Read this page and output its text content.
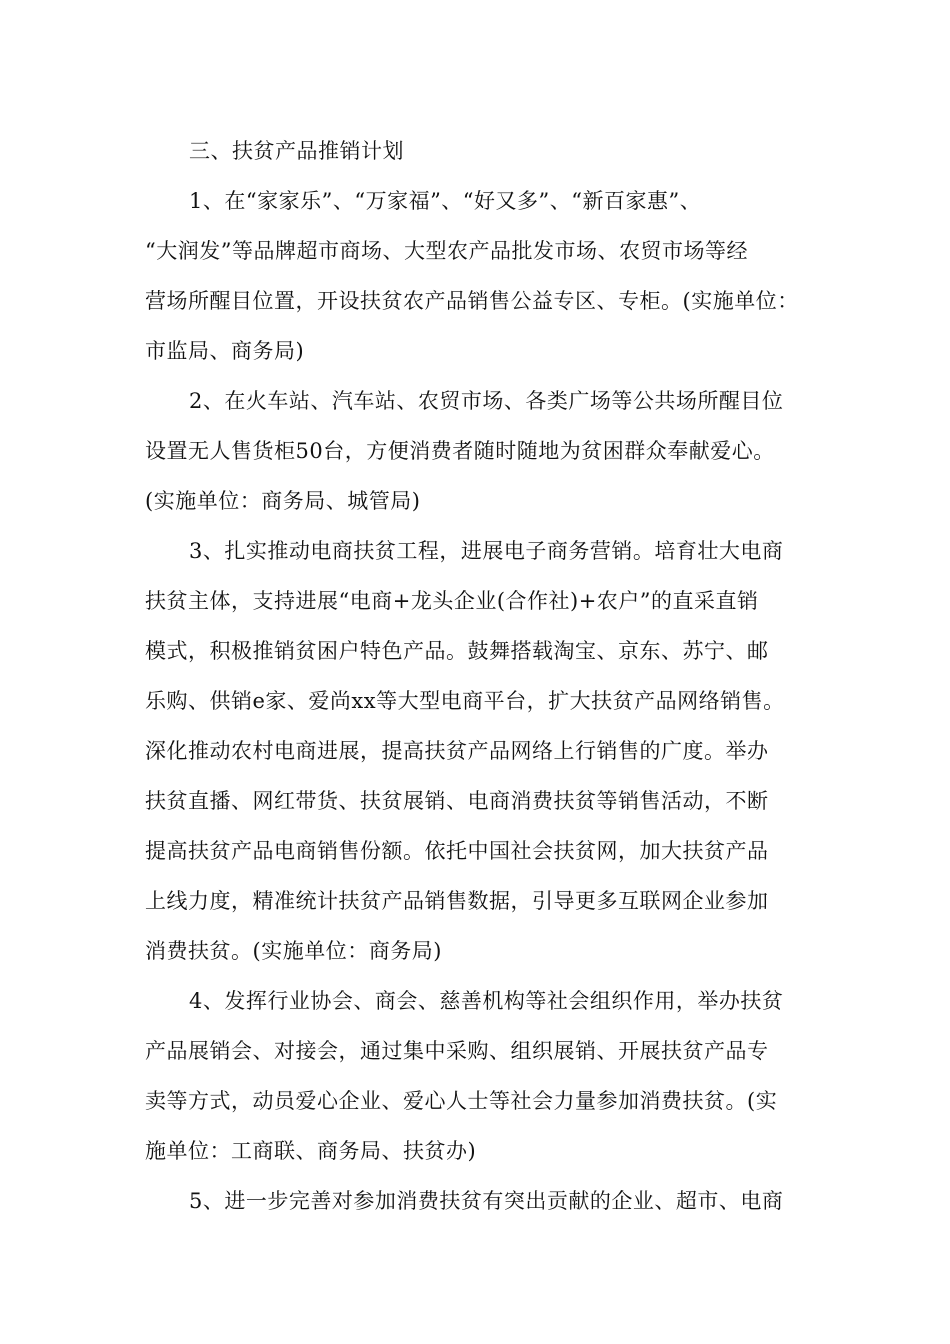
三、扶贫产品推销计划
1、在“家家乐”、“万家福”、“好又多”、“新百家惠”、
“大润发”等品牌超市商场、大型农产品批发市场、农贸市场等经
营场所醒目位置，开设扶贫农产品销售公益专区、专柜。(实施单位：
市监局、商务局)
2、在火车站、汽车站、农贸市场、各类广场等公共场所醒目位
设置无人售货柜50台，方便消费者随时随地为贫困群众奉献爱心。
(实施单位：商务局、城管局)
3、扎实推动电商扶贫工程，进展电子商务营销。培育壮大电商
扶贫主体，支持进展“电商+龙头企业(合作社)+农户”的直采直销
模式，积极推销贫困户特色产品。鼓舞搭载淘宝、京东、苏宁、邮
乐购、供销e家、爱尚xx等大型电商平台，扩大扶贫产品网络销售。
深化推动农村电商进展，提高扶贫产品网络上行销售的广度。举办
扶贫直播、网红带货、扶贫展销、电商消费扶贫等销售活动，不断
提高扶贫产品电商销售份额。依托中国社会扶贫网，加大扶贫产品
上线力度，精准统计扶贫产品销售数据，引导更多互联网企业参加
消费扶贫。(实施单位：商务局)
4、发挥行业协会、商会、慈善机构等社会组织作用，举办扶贫
产品展销会、对接会，通过集中采购、组织展销、开展扶贫产品专
卖等方式，动员爱心企业、爱心人士等社会力量参加消费扶贫。(实
施单位：工商联、商务局、扶贫办)
5、进一步完善对参加消费扶贫有突出贡献的企业、超市、电商
